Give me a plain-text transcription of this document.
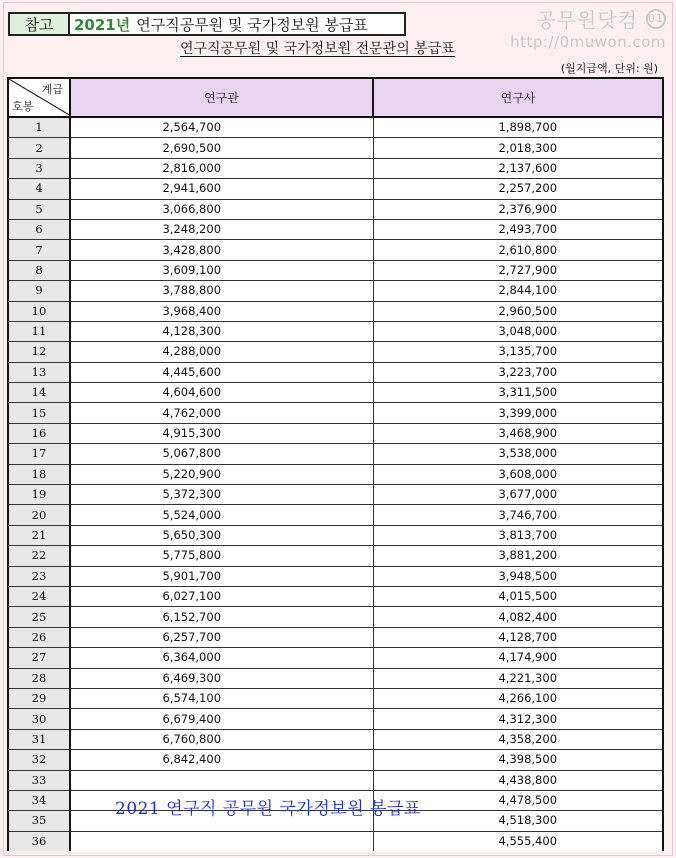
참고	2021년 연구직공무원 및 국가정보원 봉급표	공무원닷컴 01
http://0muwon.com
연구직공무원 및 국가정보원 전문관의 봉급표
(월지급액, 단위: 원)
계급
호봉	연구관	연구사
1	2,564,700	1,898,700
2	2,690,500	2,018,300
3	2,816,000	2,137,600
4	2,941,600	2,257,200
5	3,066,800	2,376,900
6	3,248,200	2,493,700
7	3,428,800	2,610,800
8	3,609,100	2,727,900
9	3,788,800	2,844,100
10	3,968,400	2,960,500
11	4,128,300	3,048,000
12	4,288,000	3,135,700
13	4,445,600	3,223,700
14	4,604,600	3,311,500
15	4,762,000	3,399,000
16	4,915,300	3,468,900
17	5,067,800	3,538,000
18	5,220,900	3,608,000
19	5,372,300	3,677,000
20	5,524,000	3,746,700
21	5,650,300	3,813,700
22	5,775,800	3,881,200
23	5,901,700	3,948,500
24	6,027,100	4,015,500
25	6,152,700	4,082,400
26	6,257,700	4,128,700
27	6,364,000	4,174,900
28	6,469,300	4,221,300
29	6,574,100	4,266,100
30	6,679,400	4,312,300
31	6,760,800	4,358,200
32	6,842,400	4,398,500
33		4,438,800
34		4,478,500
35		4,518,300
36		4,555,400
2021 연구직 공무원 국가정보원 봉급표
